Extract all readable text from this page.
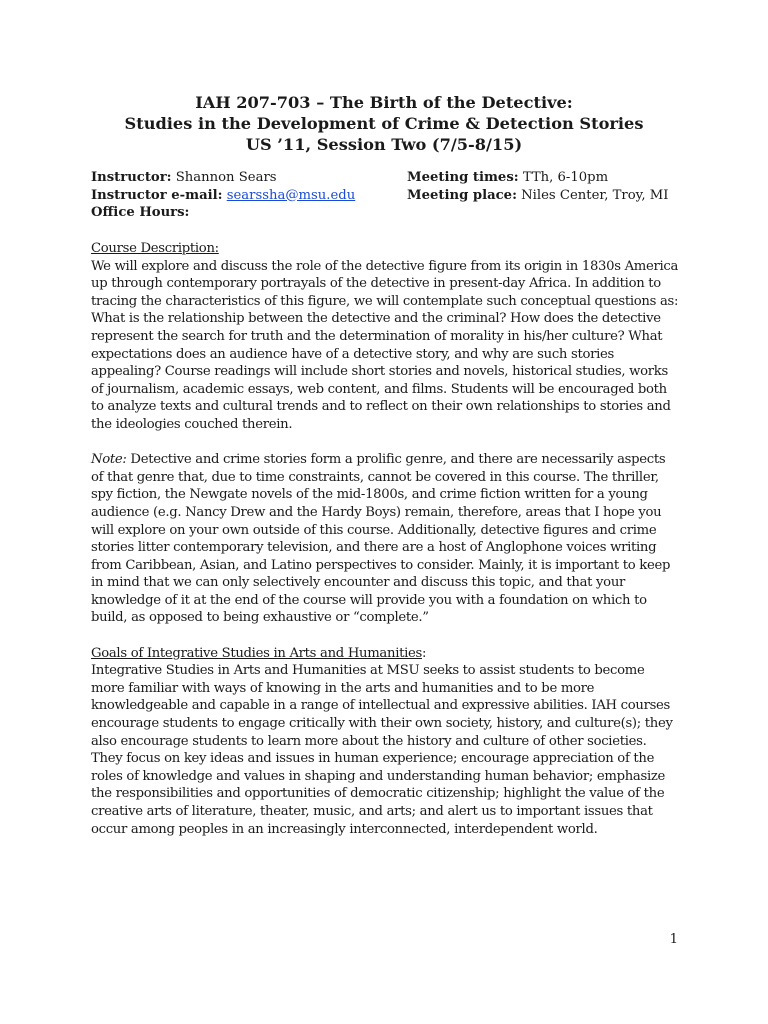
IAH 207-703 – The Birth of the Detective:
Studies in the Development of Crime & Detection Stories
US ’11, Session Two (7/5-8/15)
Instructor: Shannon Sears
Instructor e-mail: searssha@msu.edu
Office Hours:
Meeting times: TTh, 6-10pm
Meeting place: Niles Center, Troy, MI

Course Description:

We will explore and discuss the role of the detective figure from its origin in 1830s America up through contemporary portrayals of the detective in present-day Africa. In addition to tracing the characteristics of this figure, we will contemplate such conceptual questions as: What is the relationship between the detective and the criminal? How does the detective represent the search for truth and the determination of morality in his/her culture? What expectations does an audience have of a detective story, and why are such stories appealing? Course readings will include short stories and novels, historical studies, works of journalism, academic essays, web content, and films. Students will be encouraged both to analyze texts and cultural trends and to reflect on their own relationships to stories and the ideologies couched therein.

Note: Detective and crime stories form a prolific genre, and there are necessarily aspects of that genre that, due to time constraints, cannot be covered in this course. The thriller, spy fiction, the Newgate novels of the mid-1800s, and crime fiction written for a young audience (e.g. Nancy Drew and the Hardy Boys) remain, therefore, areas that I hope you will explore on your own outside of this course. Additionally, detective figures and crime stories litter contemporary television, and there are a host of Anglophone voices writing from Caribbean, Asian, and Latino perspectives to consider. Mainly, it is important to keep in mind that we can only selectively encounter and discuss this topic, and that your knowledge of it at the end of the course will provide you with a foundation on which to build, as opposed to being exhaustive or “complete.”

Goals of Integrative Studies in Arts and Humanities:

Integrative Studies in Arts and Humanities at MSU seeks to assist students to become more familiar with ways of knowing in the arts and humanities and to be more knowledgeable and capable in a range of intellectual and expressive abilities. IAH courses encourage students to engage critically with their own society, history, and culture(s); they also encourage students to learn more about the history and culture of other societies. They focus on key ideas and issues in human experience; encourage appreciation of the roles of knowledge and values in shaping and understanding human behavior; emphasize the responsibilities and opportunities of democratic citizenship; highlight the value of the creative arts of literature, theater, music, and arts; and alert us to important issues that occur among peoples in an increasingly interconnected, interdependent world.

1
